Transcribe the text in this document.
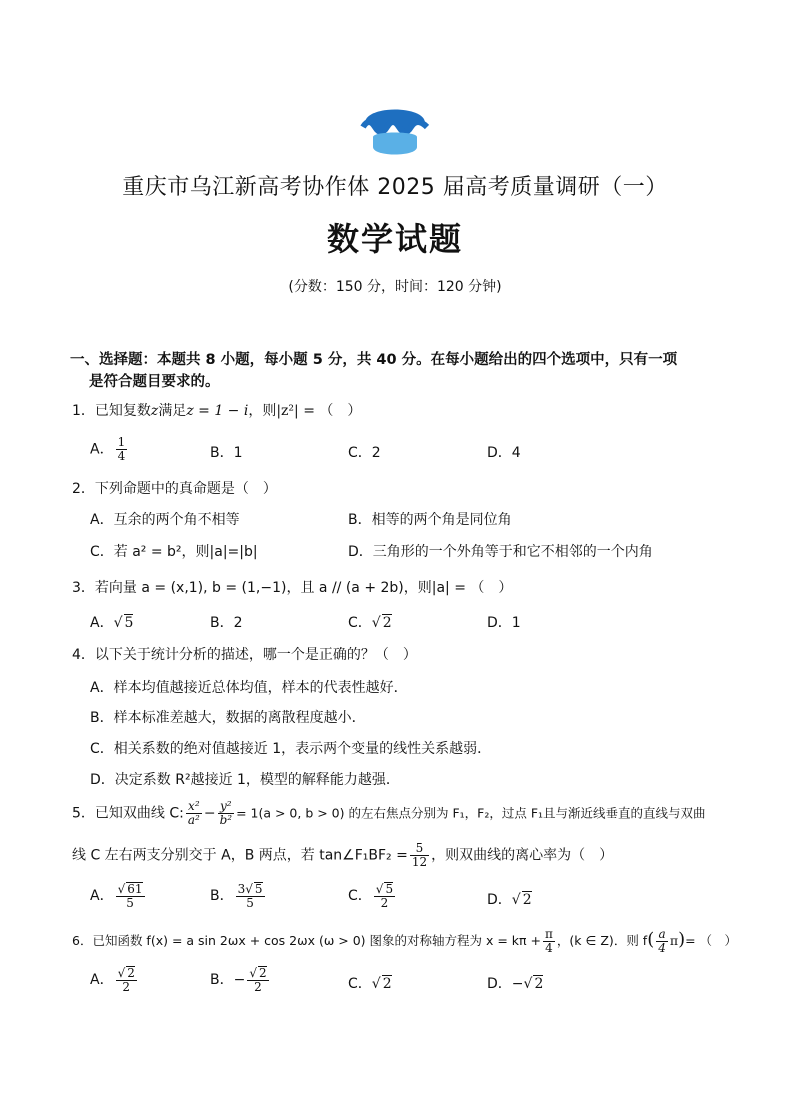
重庆市乌江新高考协作体 2025 届高考质量调研（一）
数学试题
(分数：150 分，时间：120 分钟)
一、选择题：本题共 8 小题，每小题 5 分，共 40 分。在每小题给出的四个选项中，只有一项
是符合题目要求的。
1．已知复数z满足z = 1 − i，则|z²| = （　）
A． $\frac{1}{4}$	B．1	C．2	D．4
2．下列命题中的真命题是（　）
A．互余的两个角不相等	B．相等的两个角是同位角
C．若 a² = b²，则|a|=|b|	D．三角形的一个外角等于和它不相邻的一个内角
3．若向量 a = (x,1), b = (1,−1)，且 a // (a + 2b)，则|a| = （　）
A．√ 5	B．2	C．√ 2	D．1
4．以下关于统计分析的描述，哪一个是正确的？（　）
A．样本均值越接近总体均值，样本的代表性越好．
B．样本标准差越大，数据的离散程度越小．
C．相关系数的绝对值越接近 1，表示两个变量的线性关系越弱．
D．决定系数 R²越接近 1，模型的解释能力越强．
5．已知双曲线 C: $\frac{\text{x²}}{\text{a²}} - \frac{\text{y²}}{\text{b²}} = 1(a > 0$, b > 0) 的左右焦点分别为 F₁，F₂，过点 F₁且与渐近线垂直的直线与双曲
线 C 左右两支分别交于 A，B 两点，若 tan∠F₁BF₂ = $\frac{5}{12}$ ，则双曲线的离心率为（　）
A． $\frac{√ 61}{5}$	B． $\frac{3√ 5}{5}$	C． $\frac{√ 5}{2}$	D．√ 2
6．已知函数 f(x) = a sin 2ωx + cos 2ωx (ω > 0) 图象的对称轴方程为 $x = k\pi + \frac{\pi}{4}$ ，(k ∈ Z)．则 $f( \frac{a}{4} \pi)=$ （　）
A． $\frac{√ 2}{2}$	B．− $\frac{√ 2}{2}$	C．√ 2	D．−√ 2
